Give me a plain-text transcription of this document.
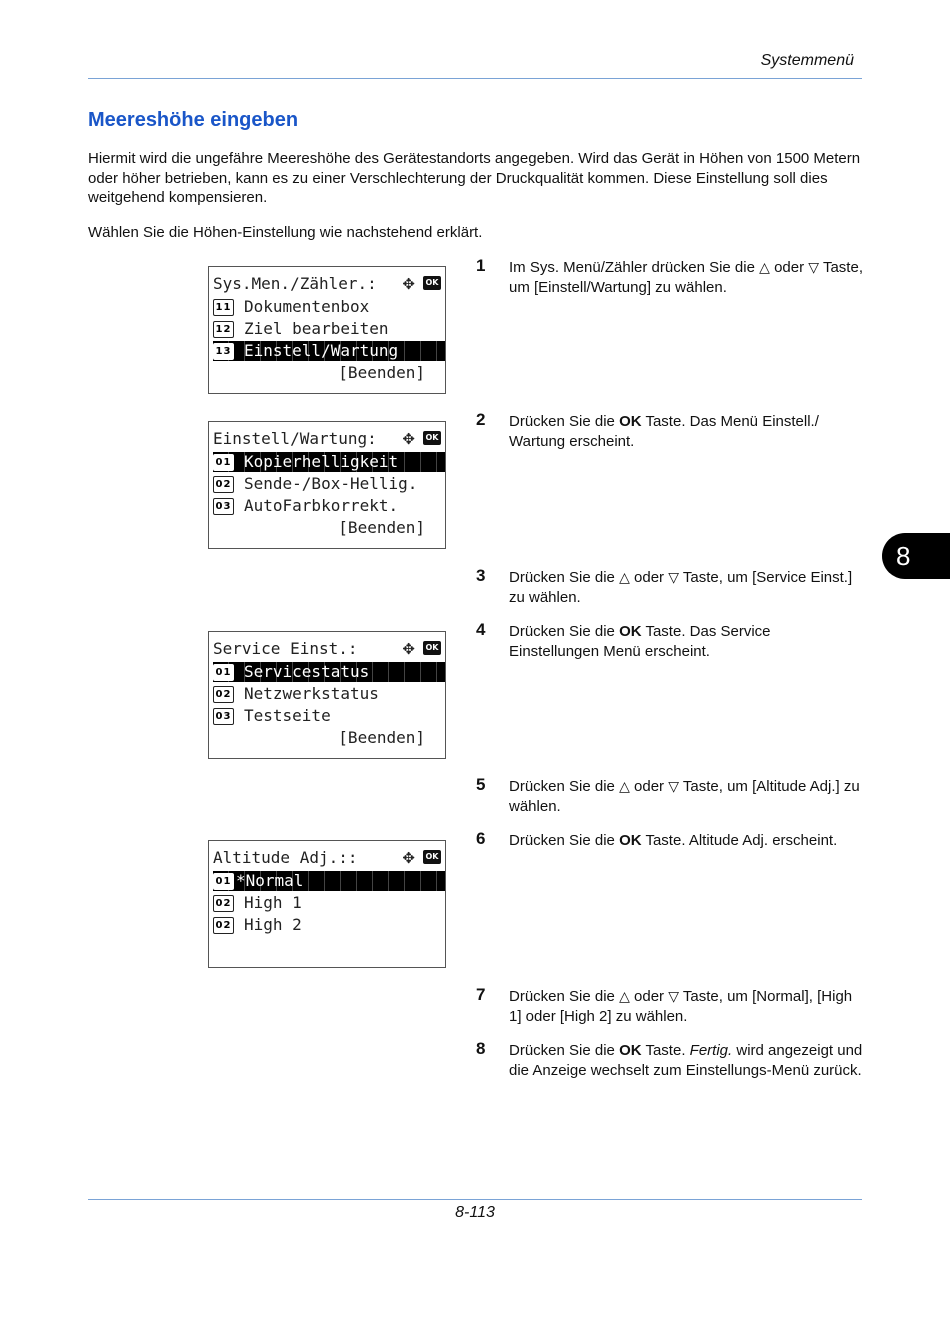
Systemmenü
Meereshöhe eingeben

Hiermit wird die ungefähre Meereshöhe des Gerätestandorts angegeben. Wird das Gerät in Höhen von 1500 Metern oder höher betrieben, kann es zu einer Verschlechterung der Druckqualität kommen. Diese Einstellung soll dies weitgehend kompensieren.

Wählen Sie die Höhen-Einstellung wie nachstehend erklärt.

Sys.Men./Zähler.:	✥	OK
11 Dokumentenbox
12 Ziel bearbeiten
13 Einstell/Wartung
[Beenden]
Einstell/Wartung:	✥	OK
01 Kopierhelligkeit
02 Sende-/Box-Hellig.
03 AutoFarbkorrekt.
[Beenden]
Service Einst.:	✥	OK
01 Servicestatus
02 Netzwerkstatus
03 Testseite
[Beenden]
Altitude Adj.::	✥	OK
01 *Normal
02 High 1
02 High 2
1 Im Sys. Menü/Zähler drücken Sie die △ oder ▽ Taste, um [Einstell/Wartung] zu wählen.
2 Drücken Sie die OK Taste. Das Menü Einstell./ Wartung erscheint.
3 Drücken Sie die △ oder ▽ Taste, um [Service Einst.] zu wählen.
4 Drücken Sie die OK Taste. Das Service Einstellungen Menü erscheint.
5 Drücken Sie die △ oder ▽ Taste, um [Altitude Adj.] zu wählen.
6 Drücken Sie die OK Taste. Altitude Adj. erscheint.
7 Drücken Sie die △ oder ▽ Taste, um [Normal], [High 1] oder [High 2] zu wählen.
8 Drücken Sie die OK Taste. Fertig. wird angezeigt und die Anzeige wechselt zum Einstellungs-Menü zurück.
8
8-113
